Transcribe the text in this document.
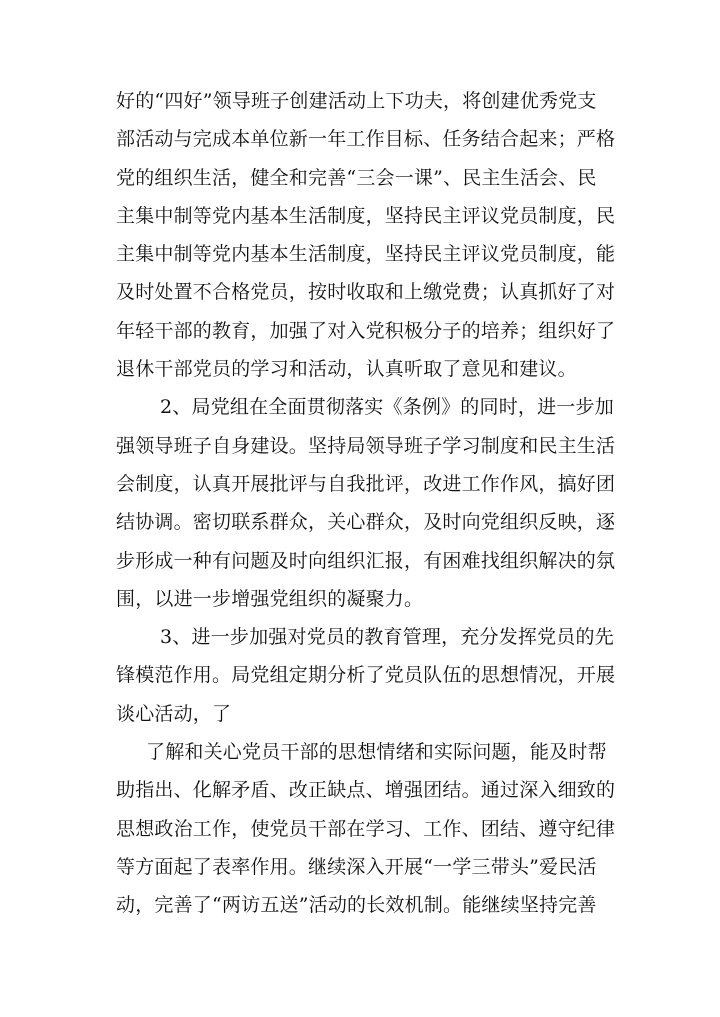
好的“四好”领导班子创建活动上下功夫，将创建优秀党支
部活动与完成本单位新一年工作目标、任务结合起来；严格
党的组织生活，健全和完善“三会一课”、民主生活会、民
主集中制等党内基本生活制度，坚持民主评议党员制度，民
主集中制等党内基本生活制度，坚持民主评议党员制度，能
及时处置不合格党员，按时收取和上缴党费；认真抓好了对
年轻干部的教育，加强了对入党积极分子的培养；组织好了
退休干部党员的学习和活动，认真听取了意见和建议。
2、局党组在全面贯彻落实《条例》的同时，进一步加
强领导班子自身建设。坚持局领导班子学习制度和民主生活
会制度，认真开展批评与自我批评，改进工作作风，搞好团
结协调。密切联系群众，关心群众，及时向党组织反映，逐
步形成一种有问题及时向组织汇报，有困难找组织解决的氛
围，以进一步增强党组织的凝聚力。
3、进一步加强对党员的教育管理，充分发挥党员的先
锋模范作用。局党组定期分析了党员队伍的思想情况，开展
谈心活动，了
了解和关心党员干部的思想情绪和实际问题，能及时帮
助指出、化解矛盾、改正缺点、增强团结。通过深入细致的
思想政治工作，使党员干部在学习、工作、团结、遵守纪律
等方面起了表率作用。继续深入开展“一学三带头”爱民活
动，完善了“两访五送”活动的长效机制。能继续坚持完善
